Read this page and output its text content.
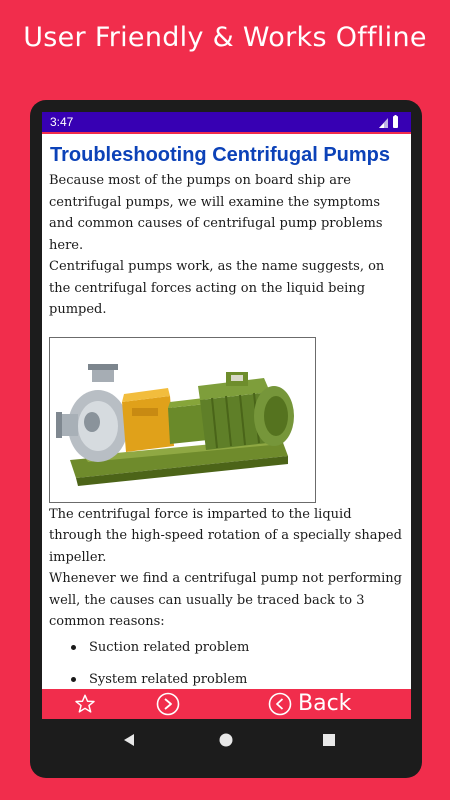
User Friendly & Works Offline
3:47
Troubleshooting Centrifugal Pumps

Because most of the pumps on board ship are centrifugal pumps, we will examine the symptoms and common causes of centrifugal pump problems here.

Centrifugal pumps work, as the name suggests, on the centrifugal forces acting on the liquid being pumped.

The centrifugal force is imparted to the liquid through the high-speed rotation of a specially shaped impeller.

Whenever we find a centrifugal pump not performing well, the causes can usually be traced back to 3 common reasons:

Suction related problem
System related problem
Back
